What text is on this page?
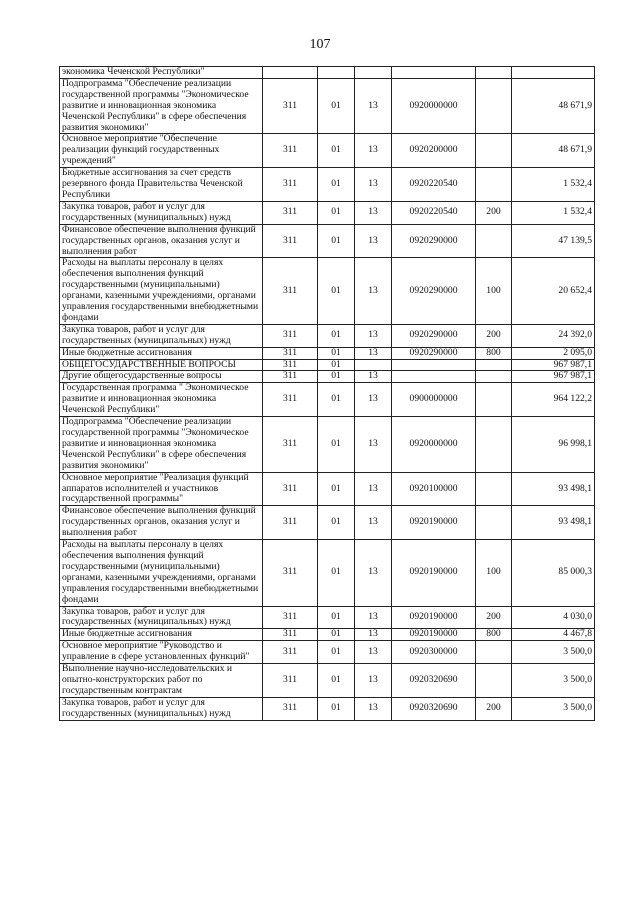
107
экономика Чеченской Республики"						
Подпрограмма "Обеспечение реализации государственной программы "Экономическое развитие и инновационная экономика Чеченской Республики" в сфере обеспечения развития экономики"	311	01	13	0920000000		48 671,9
Основное мероприятие "Обеспечение реализации функций государственных учреждений"	311	01	13	0920200000		48 671,9
Бюджетные ассигнования за счет средств резервного фонда Правительства Чеченской Республики	311	01	13	0920220540		1 532,4
Закупка товаров, работ и услуг для государственных (муниципальных) нужд	311	01	13	0920220540	200	1 532,4
Финансовое обеспечение выполнения функций государственных органов, оказания услуг и выполнения работ	311	01	13	0920290000		47 139,5
Расходы на выплаты персоналу в целях обеспечения выполнения функций государственными (муниципальными) органами, казенными учреждениями, органами управления государственными внебюджетными фондами	311	01	13	0920290000	100	20 652,4
Закупка товаров, работ и услуг для государственных (муниципальных) нужд	311	01	13	0920290000	200	24 392,0
Иные бюджетные ассигнования	311	01	13	0920290000	800	2 095,0
ОБЩЕГОСУДАРСТВЕННЫЕ ВОПРОСЫ	311	01				967 987,1
Другие общегосударственные вопросы	311	01	13			967 987,1
Государственная программа " Экономическое развитие и инновационная экономика Чеченской Республики"	311	01	13	0900000000		964 122,2
Подпрограмма "Обеспечение реализации государственной программы "Экономическое развитие и инновационная экономика Чеченской Республики" в сфере обеспечения развития экономики"	311	01	13	0920000000		96 998,1
Основное мероприятие "Реализация функций аппаратов исполнителей и участников государственной программы"	311	01	13	0920100000		93 498,1
Финансовое обеспечение выполнения функций государственных органов, оказания услуг и выполнения работ	311	01	13	0920190000		93 498,1
Расходы на выплаты персоналу в целях обеспечения выполнения функций государственными (муниципальными) органами, казенными учреждениями, органами управления государственными внебюджетными фондами	311	01	13	0920190000	100	85 000,3
Закупка товаров, работ и услуг для государственных (муниципальных) нужд	311	01	13	0920190000	200	4 030,0
Иные бюджетные ассигнования	311	01	13	0920190000	800	4 467,8
Основное мероприятие "Руководство и управление в сфере установленных функций"	311	01	13	0920300000		3 500,0
Выполнение научно-исследовательских и опытно-конструкторских работ по государственным контрактам	311	01	13	0920320690		3 500,0
Закупка товаров, работ и услуг для государственных (муниципальных) нужд	311	01	13	0920320690	200	3 500,0
